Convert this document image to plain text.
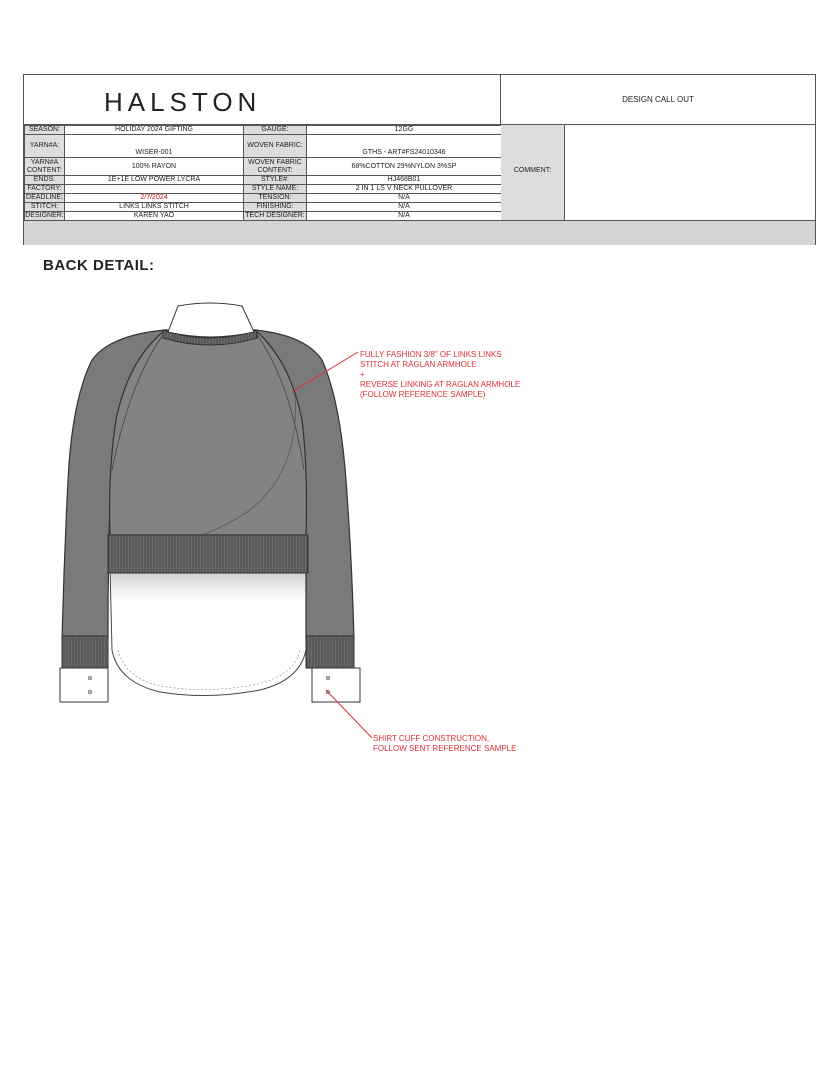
HALSTON	DESIGN CALL OUT
SEASON:	HOLIDAY 2024 GIFTING	GAUGE:	12GG
YARN#A:	WISER-001	WOVEN FABRIC:	GTHS - ART#FS24010346
YARN#A CONTENT:	100% RAYON	WOVEN FABRIC CONTENT:	68%COTTON 29%NYLON 3%SP
ENDS:	1E+1E LOW POWER LYCRA	STYLE#:	HJ468B01
FACTORY:		STYLE NAME:	2 IN 1 LS V NECK PULLOVER
DEADLINE:	2/7/2024	TENSION:	N/A
STITCH:	LINKS LINKS STITCH	FINISHING:	N/A
DESIGNER:	KAREN YAO	TECH DESIGNER:	N/A
COMMENT:
BACK DETAIL:
FULLY FASHION 3/8" OF LINKS LINKS
STITCH AT RAGLAN ARMHOLE
+
REVERSE LINKING AT RAGLAN ARMHOLE
(FOLLOW REFERENCE SAMPLE)
SHIRT CUFF CONSTRUCTION,
FOLLOW SENT REFERENCE SAMPLE
